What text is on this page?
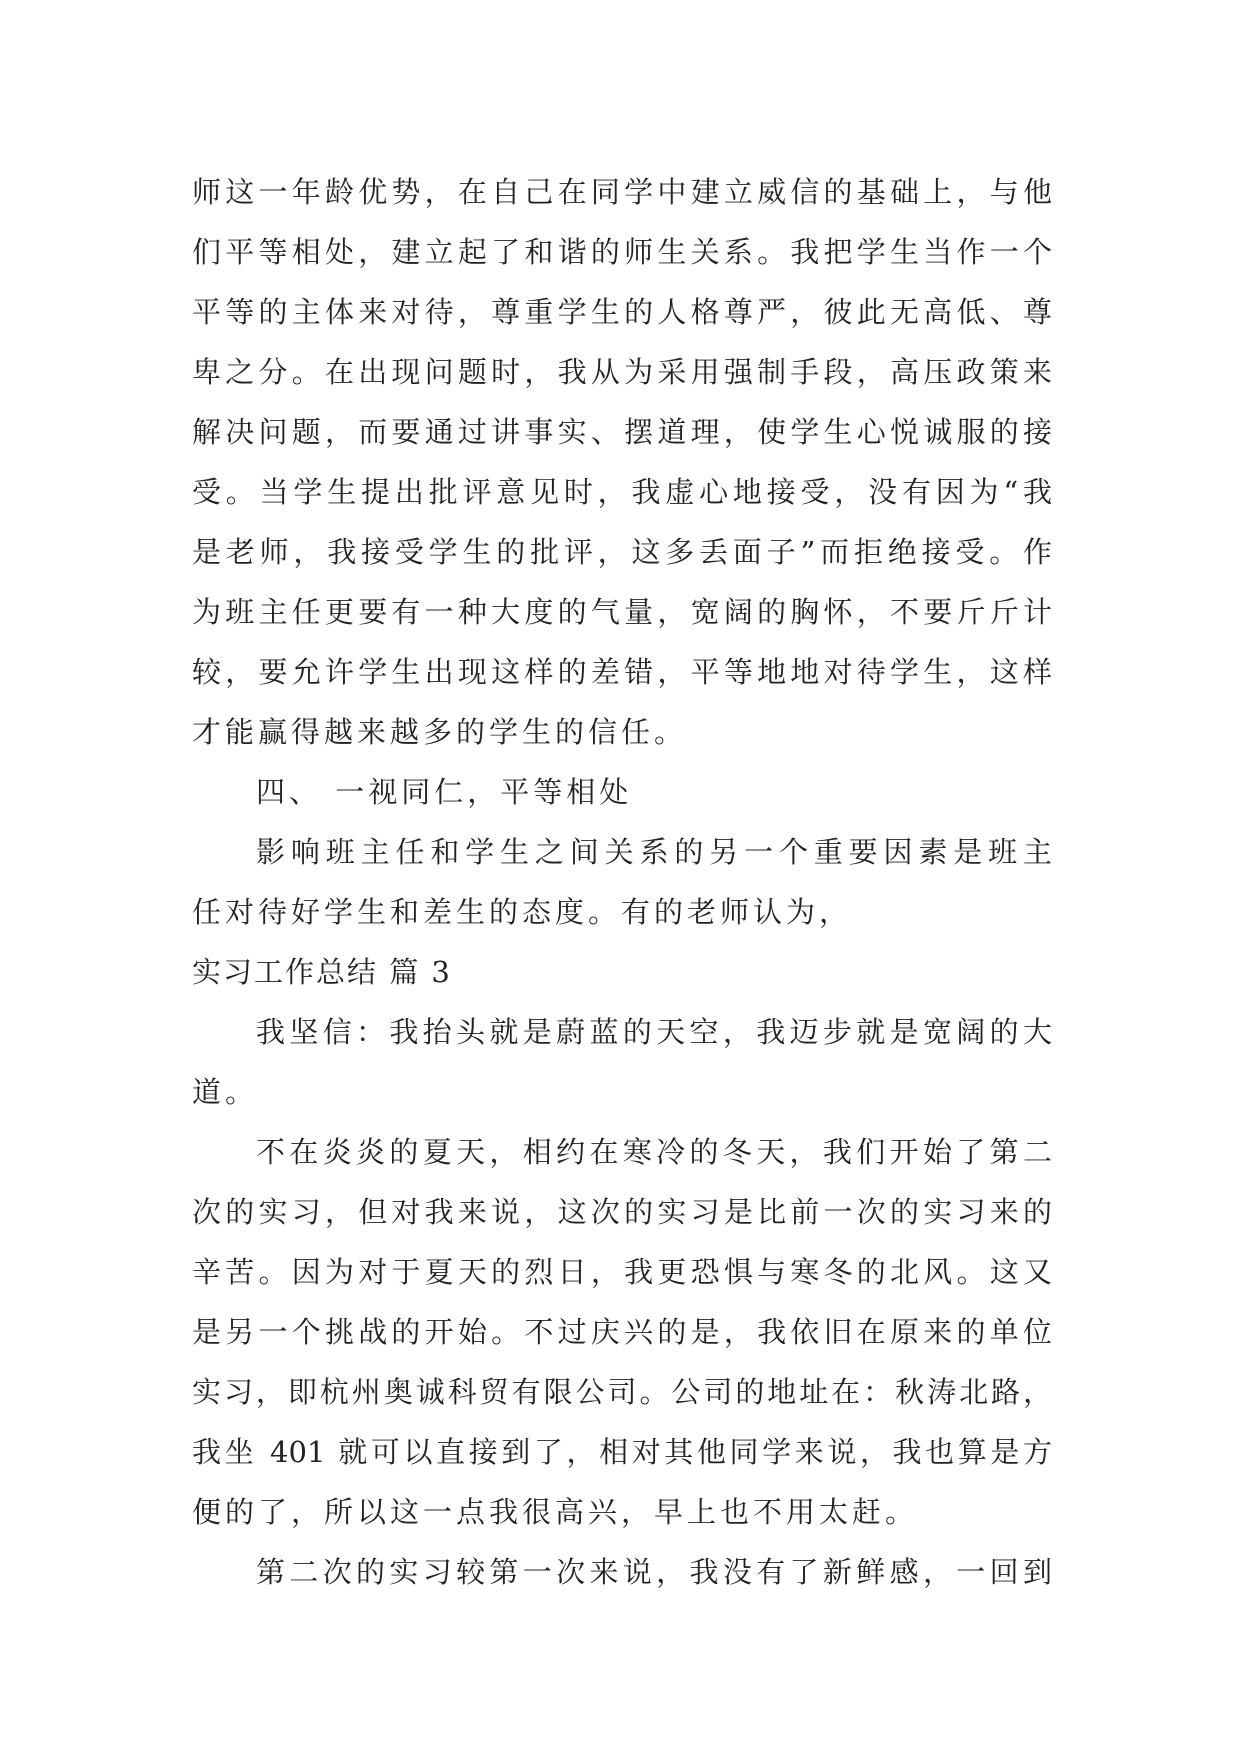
师这一年龄优势，在自己在同学中建立威信的基础上，与他
们平等相处，建立起了和谐的师生关系。我把学生当作一个
平等的主体来对待，尊重学生的人格尊严，彼此无高低、尊
卑之分。在出现问题时，我从为采用强制手段，高压政策来
解决问题，而要通过讲事实、摆道理，使学生心悦诚服的接
受。当学生提出批评意见时，我虚心地接受，没有因为“我
是老师，我接受学生的批评，这多丢面子”而拒绝接受。作
为班主任更要有一种大度的气量，宽阔的胸怀，不要斤斤计
较，要允许学生出现这样的差错，平等地地对待学生，这样
才能赢得越来越多的学生的信任。
四、 一视同仁，平等相处
影响班主任和学生之间关系的另一个重要因素是班主
任对待好学生和差生的态度。有的老师认为，
实习工作总结 篇 3
我坚信：我抬头就是蔚蓝的天空，我迈步就是宽阔的大
道。
不在炎炎的夏天，相约在寒冷的冬天，我们开始了第二
次的实习，但对我来说，这次的实习是比前一次的实习来的
辛苦。因为对于夏天的烈日，我更恐惧与寒冬的北风。这又
是另一个挑战的开始。不过庆兴的是，我依旧在原来的单位
实习，即杭州奥诚科贸有限公司。公司的地址在：秋涛北路，
我坐 401 就可以直接到了，相对其他同学来说，我也算是方
便的了，所以这一点我很高兴，早上也不用太赶。
第二次的实习较第一次来说，我没有了新鲜感，一回到
